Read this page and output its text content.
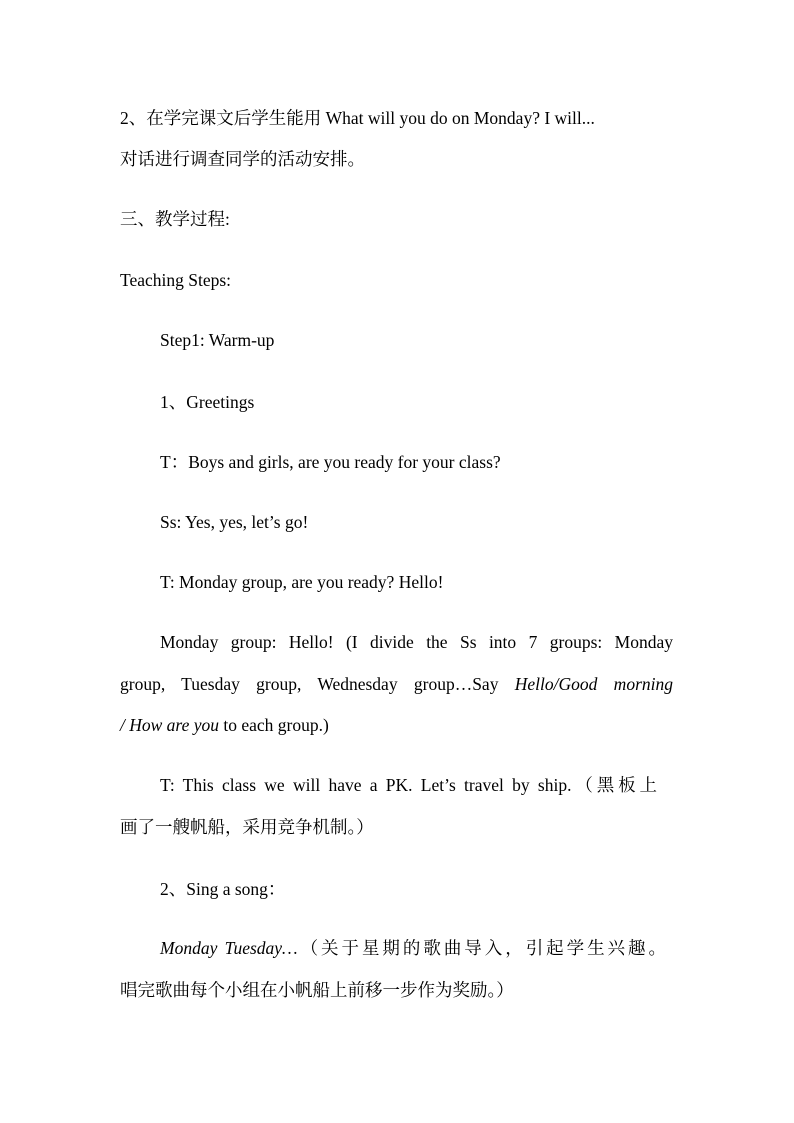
2、在学完课文后学生能用 What will you do on Monday? I will...

对话进行调查同学的活动安排。

三、教学过程:

Teaching Steps:

Step1: Warm-up

1、Greetings

T：Boys and girls, are you ready for your class?

Ss: Yes, yes, let’s go!

T: Monday group, are you ready? Hello!

Monday group: Hello! (I divide the Ss into 7 groups: Monday

group, Tuesday group, Wednesday group…Say Hello/Good morning

/ How are you to each group.)

T: This class we will have a PK. Let’s travel by ship.（黑板上

画了一艘帆船，采用竞争机制。）

2、Sing a song：

Monday Tuesday…（关于星期的歌曲导入，引起学生兴趣。

唱完歌曲每个小组在小帆船上前移一步作为奖励。）
